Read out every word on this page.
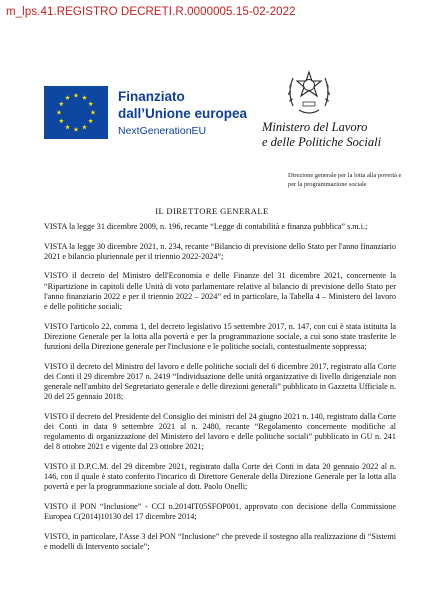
m_lps.41.REGISTRO DECRETI.R.0000005.15-02-2022
Finanziato
dall’Unione europea
NextGenerationEU	Ministero del Lavoro
e delle Politiche Sociali
Direzione generale per la lotta alla povertà e
per la programmazione sociale
IL DIRETTORE GENERALE

VISTA la legge 31 dicembre 2009, n. 196, recante “Legge di contabilità e finanza pubblica” s.m.i.;

VISTA la legge 30 dicembre 2021, n. 234, recante “Bilancio di previsione dello Stato per l'anno finanziario 2021 e bilancio pluriennale per il triennio 2022-2024”;

VISTO il decreto del Ministro dell'Economia e delle Finanze del 31 dicembre 2021, concernente la “Ripartizione in capitoli delle Unità di voto parlamentare relative al bilancio di previsione dello Stato per l'anno finanziario 2022 e per il triennio 2022 – 2024” ed in particolare, la Tabella 4 – Ministero del lavoro e delle politiche sociali;

VISTO l'articolo 22, comma 1, del decreto legislativo 15 settembre 2017, n. 147, con cui è stata istituita la Direzione Generale per la lotta alla povertà e per la programmazione sociale, a cui sono state trasferite le funzioni della Direzione generale per l'inclusione e le politiche sociali, contestualmente soppressa;

VISTO il decreto del Ministro del lavoro e delle politiche sociali del 6 dicembre 2017, registrato alla Corte dei Conti il 29 dicembre 2017 n. 2419 “Individuazione delle unità organizzative di livello dirigenziale non generale nell'ambito del Segretariato generale e delle direzioni generali” pubblicato in Gazzetta Ufficiale n. 20 del 25 gennaio 2018;

VISTO il decreto del Presidente del Consiglio dei ministri del 24 giugno 2021 n. 140, registrato dalla Corte dei Conti in data 9 settembre 2021 al n. 2480, recante “Regolamento concernente modifiche al regolamento di organizzazione del Ministero del lavoro e delle politiche sociali” pubblicato in GU n. 241 del 8 ottobre 2021 e vigente dal 23 ottobre 2021;

VISTO il D.P.C.M. del 29 dicembre 2021, registrato dalla Corte dei Conti in data 20 gennaio 2022 al n. 146, con il quale è stato conferito l'incarico di Direttore Generale della Direzione Generale per la lotta alla povertà e per la programmazione sociale al dott. Paolo Onelli;

VISTO il PON “Inclusione” - CCI n.2014IT05SFOP001, approvato con decisione della Commissione Europea C(2014)10130 del 17 dicembre 2014;

VISTO, in particolare, l'Asse 3 del PON “Inclusione” che prevede il sostegno alla realizzazione di “Sistemi e modelli di Intervento sociale”;
